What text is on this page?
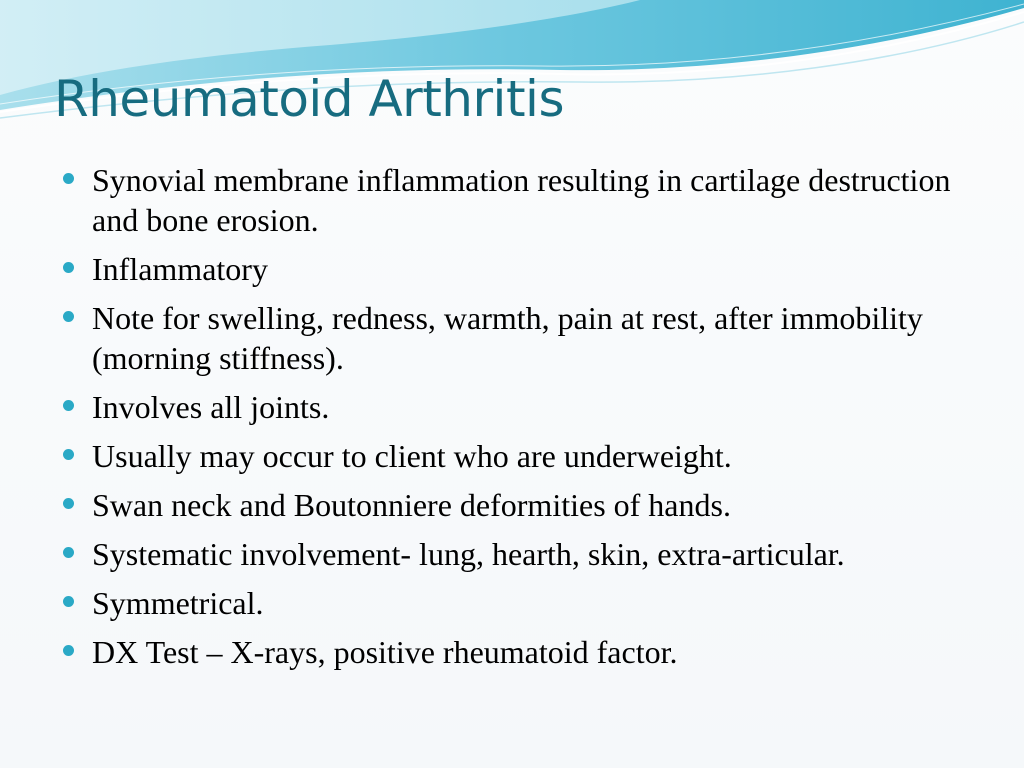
Rheumatoid Arthritis
Synovial membrane inflammation resulting in cartilage destruction and bone erosion.
Inflammatory
Note for swelling, redness, warmth, pain at rest, after immobility (morning stiffness).
Involves all joints.
Usually may occur to client who are underweight.
Swan neck and Boutonniere deformities of hands.
Systematic involvement- lung, hearth, skin, extra-articular.
Symmetrical.
DX Test – X-rays, positive rheumatoid factor.
